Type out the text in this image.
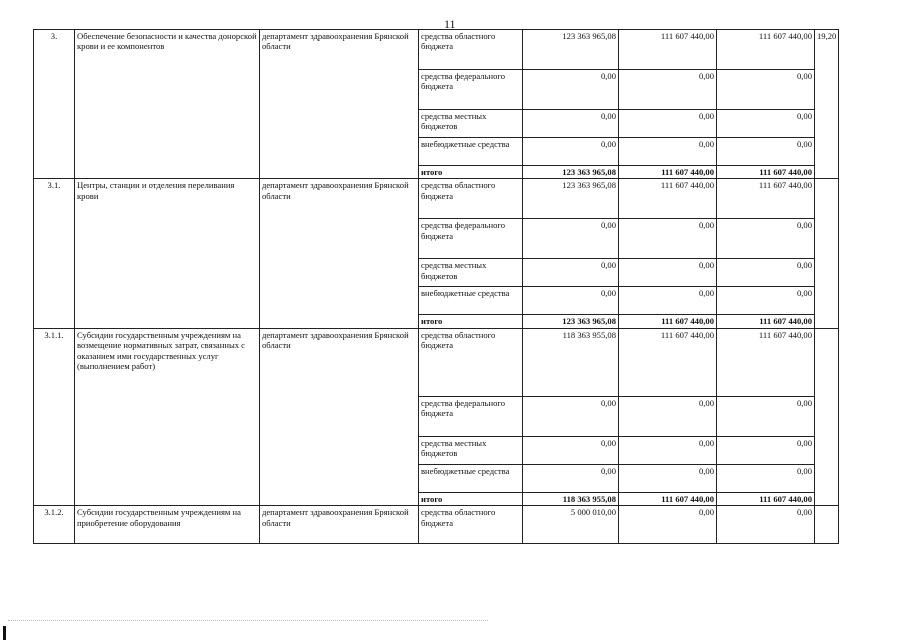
11
3.	Обеспечение безопасности и качества донорской крови и ее компонентов	департамент здравоохранения Брянской области	средства областного бюджета	123 363 965,08	111 607 440,00	111 607 440,00	19,20
			средства федерального бюджета	0,00	0,00	0,00	
			средства местных бюджетов	0,00	0,00	0,00	
			внебюджетные средства	0,00	0,00	0,00	
			итого	123 363 965,08	111 607 440,00	111 607 440,00	
3.1.	Центры, станции и отделения переливания крови	департамент здравоохранения Брянской области	средства областного бюджета	123 363 965,08	111 607 440,00	111 607 440,00	
			средства федерального бюджета	0,00	0,00	0,00	
			средства местных бюджетов	0,00	0,00	0,00	
			внебюджетные средства	0,00	0,00	0,00	
			итого	123 363 965,08	111 607 440,00	111 607 440,00	
3.1.1.	Субсидии государственным учреждениям на возмещение нормативных затрат, связанных с оказанием ими государственных услуг (выполнением работ)	департамент здравоохранения Брянской области	средства областного бюджета	118 363 955,08	111 607 440,00	111 607 440,00	
			средства федерального бюджета	0,00	0,00	0,00	
			средства местных бюджетов	0,00	0,00	0,00	
			внебюджетные средства	0,00	0,00	0,00	
			итого	118 363 955,08	111 607 440,00	111 607 440,00	
3.1.2.	Субсидии государственным учреждениям на приобретение оборудования	департамент здравоохранения Брянской области	средства областного бюджета	5 000 010,00	0,00	0,00	
